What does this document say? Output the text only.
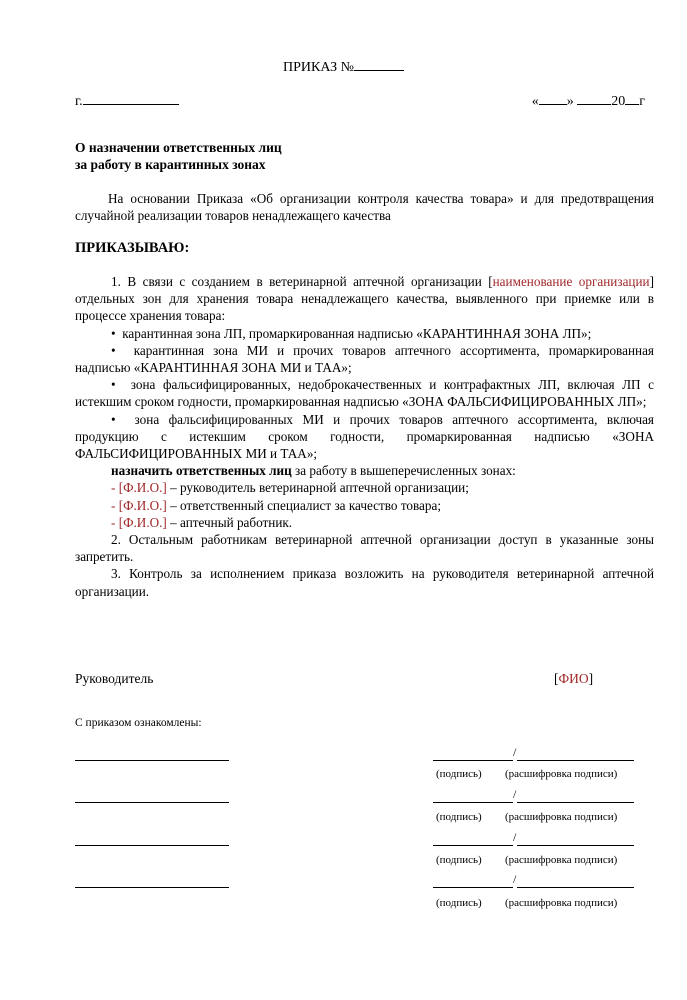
ПРИКАЗ №
г.	« »	20 г
О назначении ответственных лиц
за работу в карантинных зонах

На основании Приказа «Об организации контроля качества товара» и для предотвращения случайной реализации товаров ненадлежащего качества

ПРИКАЗЫВАЮ:

1. В связи с созданием в ветеринарной аптечной организации [наименование организации] отдельных зон для хранения товара ненадлежащего качества, выявленного при приемке или в процессе хранения товара:

•  карантинная зона ЛП, промаркированная надписью «КАРАНТИННАЯ ЗОНА ЛП»;

•  карантинная зона МИ и прочих товаров аптечного ассортимента, промаркированная надписью «КАРАНТИННАЯ ЗОНА МИ и ТАА»;

•  зона фальсифицированных, недоброкачественных и контрафактных ЛП, включая ЛП с истекшим сроком годности, промаркированная надписью «ЗОНА ФАЛЬСИФИЦИРОВАННЫХ ЛП»;

•  зона фальсифицированных МИ и прочих товаров аптечного ассортимента, включая продукцию с истекшим сроком годности, промаркированная надписью «ЗОНА ФАЛЬСИФИЦИРОВАННЫХ МИ и ТАА»;

назначить ответственных лиц за работу в вышеперечисленных зонах:

- [Ф.И.О.] – руководитель ветеринарной аптечной организации;

- [Ф.И.О.] – ответственный специалист за качество товара;

- [Ф.И.О.] – аптечный работник.

2. Остальным работникам ветеринарной аптечной организации доступ в указанные зоны запретить.

3. Контроль за исполнением приказа возложить на руководителя ветеринарной аптечной организации.

Руководитель	[ФИО]
С приказом ознакомлены:
/
(подпись) (расшифровка подписи)
/
(подпись) (расшифровка подписи)
/
(подпись) (расшифровка подписи)
/
(подпись) (расшифровка подписи)
